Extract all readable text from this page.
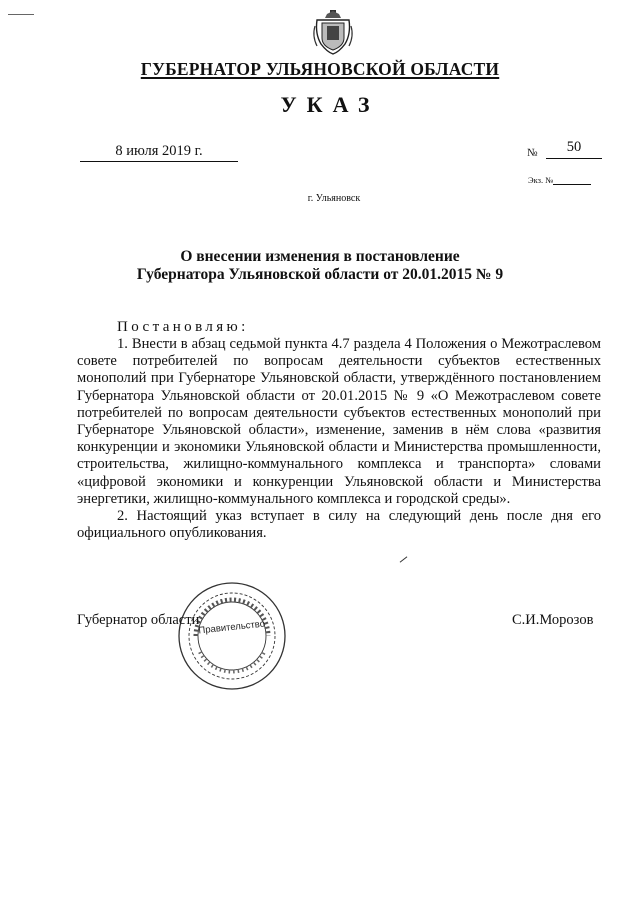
ГУБЕРНАТОР УЛЬЯНОВСКОЙ ОБЛАСТИ
УКАЗ
8 июля 2019 г.	№	50
Экз. №
г. Ульяновск
О внесении изменения в постановление
Губернатора Ульяновской области от 20.01.2015 № 9
Постановляю:

1. Внести в абзац седьмой пункта 4.7 раздела 4 Положения о Межотраслевом совете потребителей по вопросам деятельности субъектов естественных монополий при Губернаторе Ульяновской области, утверждённого постановлением Губернатора Ульяновской области от 20.01.2015 № 9 «О Межотраслевом совете потребителей по вопросам деятельности субъектов естественных монополий при Губернаторе Ульяновской области», изменение, заменив в нём слова «развития конкуренции и экономики Ульяновской области и Министерства промышленности, строительства, жилищно-коммунального комплекса и транспорта» словами «цифровой экономики и конкуренции Ульяновской области и Министерства энергетики, жилищно-коммунального комплекса и городской среды».

2. Настоящий указ вступает в силу на следующий день после дня его официального опубликования.

Правительство
Губернатор области	С.И.Морозов
